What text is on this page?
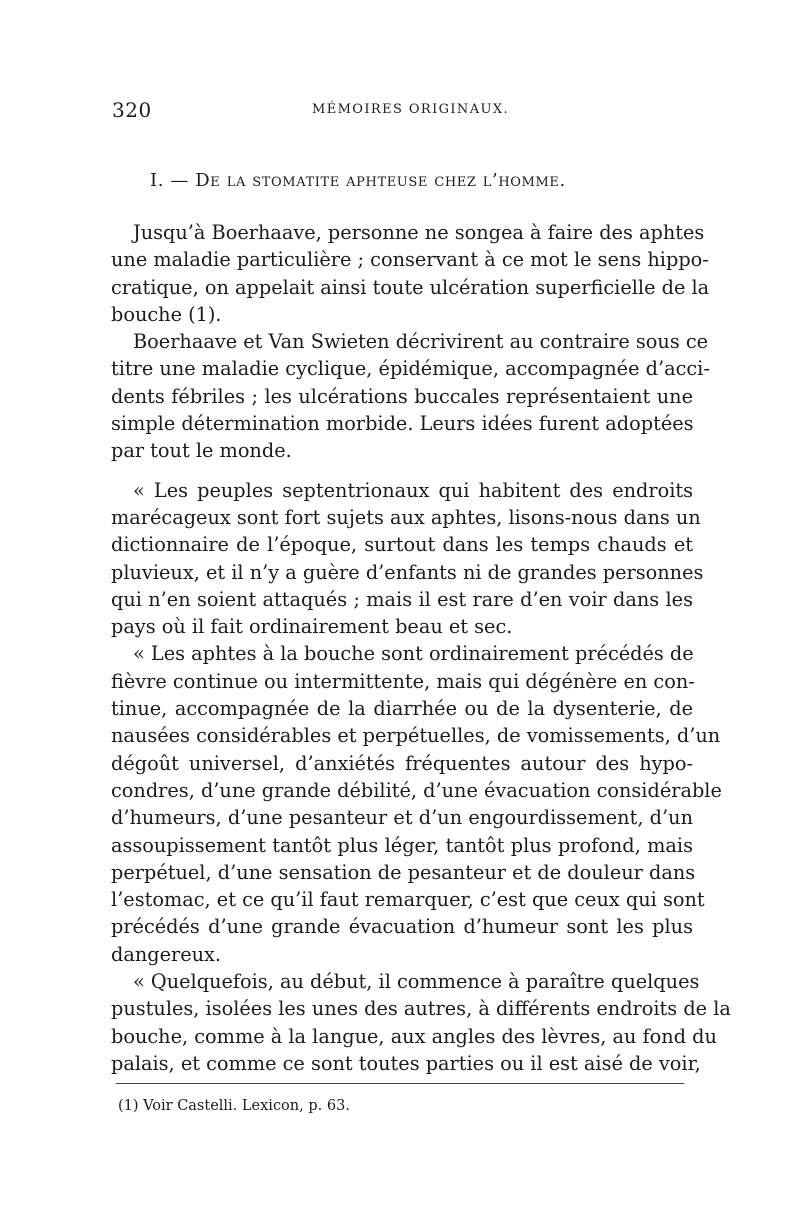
320	MÉMOIRES ORIGINAUX.
I. — De la stomatite aphteuse chez l’homme.
Jusqu’à Boerhaave, personne ne songea à faire des aphtes
une maladie particulière ; conservant à ce mot le sens hippo-
cratique, on appelait ainsi toute ulcération superficielle de la
bouche (1).
Boerhaave et Van Swieten décrivirent au contraire sous ce
titre une maladie cyclique, épidémique, accompagnée d’acci-
dents fébriles ; les ulcérations buccales représentaient une
simple détermination morbide. Leurs idées furent adoptées
par tout le monde.
« Les peuples septentrionaux qui habitent des endroits
marécageux sont fort sujets aux aphtes, lisons-nous dans un
dictionnaire de l’époque, surtout dans les temps chauds et
pluvieux, et il n’y a guère d’enfants ni de grandes personnes
qui n’en soient attaqués ; mais il est rare d’en voir dans les
pays où il fait ordinairement beau et sec.
« Les aphtes à la bouche sont ordinairement précédés de
fièvre continue ou intermittente, mais qui dégénère en con-
tinue, accompagnée de la diarrhée ou de la dysenterie, de
nausées considérables et perpétuelles, de vomissements, d’un
dégoût universel, d’anxiétés fréquentes autour des hypo-
condres, d’une grande débilité, d’une évacuation considérable
d’humeurs, d’une pesanteur et d’un engourdissement, d’un
assoupissement tantôt plus léger, tantôt plus profond, mais
perpétuel, d’une sensation de pesanteur et de douleur dans
l’estomac, et ce qu’il faut remarquer, c’est que ceux qui sont
précédés d’une grande évacuation d’humeur sont les plus
dangereux.
« Quelquefois, au début, il commence à paraître quelques
pustules, isolées les unes des autres, à différents endroits de la
bouche, comme à la langue, aux angles des lèvres, au fond du
palais, et comme ce sont toutes parties ou il est aisé de voir,
(1) Voir Castelli. Lexicon, p. 63.
